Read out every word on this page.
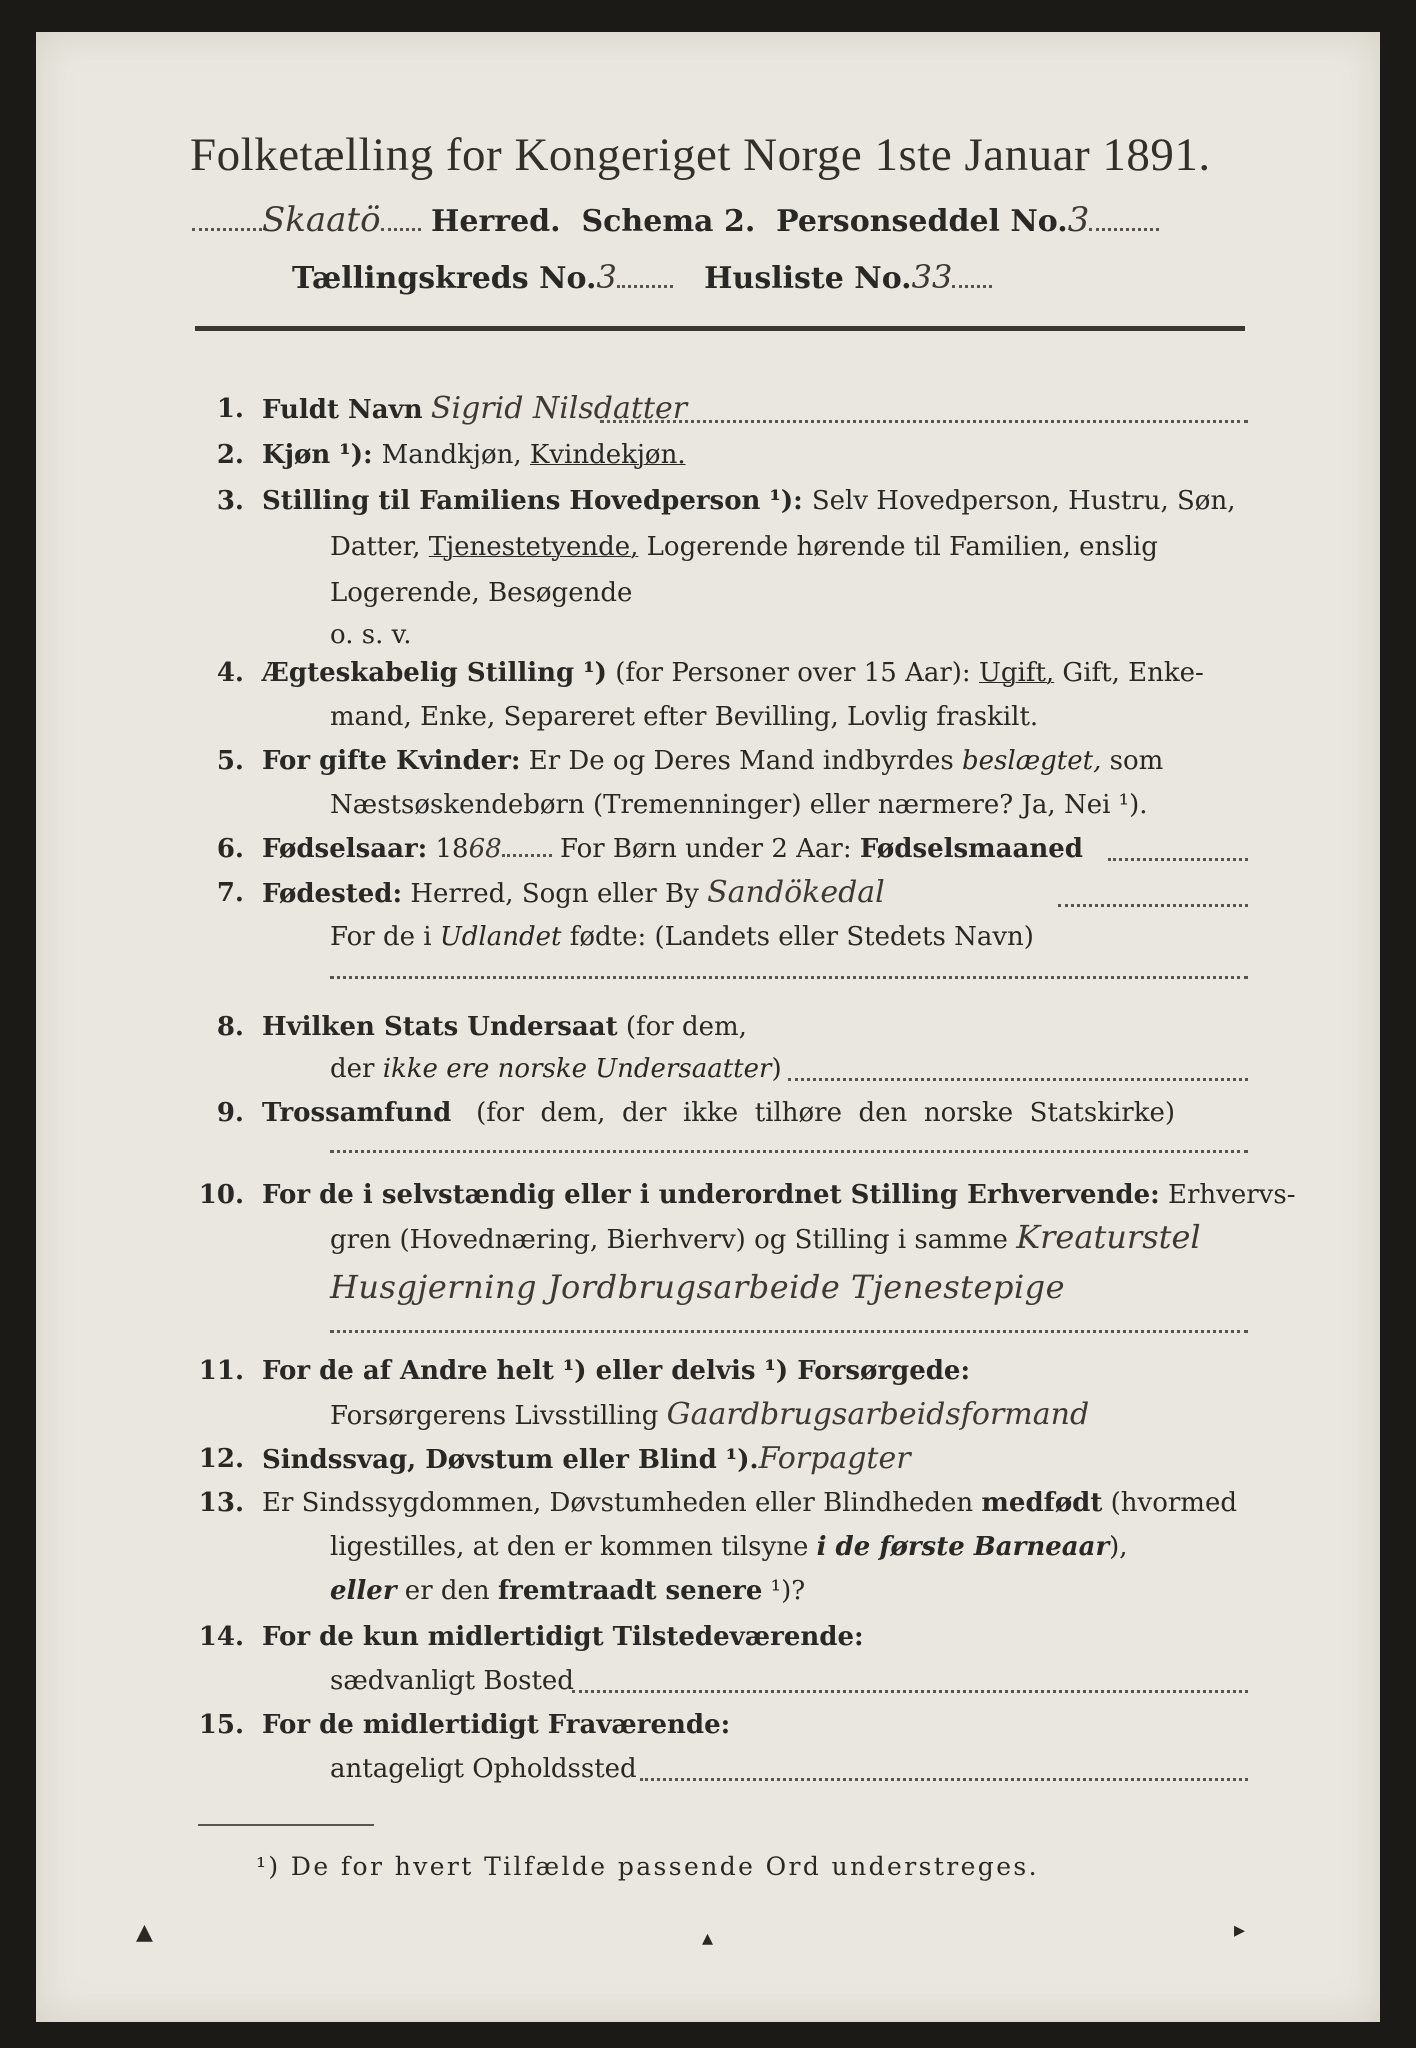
Folketælling for Kongeriget Norge 1ste Januar 1891.
Skaatö Herred. Schema 2. Personseddel No.3
Tællingskreds No.3	Husliste No.33
1. Fuldt Navn Sigrid Nilsdatter
2. Kjøn ¹): Mandkjøn, Kvindekjøn.
3. Stilling til Familiens Hovedperson ¹): Selv Hovedperson, Hustru, Søn,
Datter, Tjenestetyende, Logerende hørende til Familien, enslig
Logerende, Besøgende
o. s. v.
4. Ægteskabelig Stilling ¹) (for Personer over 15 Aar): Ugift, Gift, Enke-
mand, Enke, Separeret efter Bevilling, Lovlig fraskilt.
5. For gifte Kvinder: Er De og Deres Mand indbyrdes beslægtet, som
Næstsøskendebørn (Tremenninger) eller nærmere? Ja, Nei ¹).
6. Fødselsaar: 1868 For Børn under 2 Aar: Fødselsmaaned
7. Fødested: Herred, Sogn eller By Sandökedal
For de i Udlandet fødte: (Landets eller Stedets Navn)
8. Hvilken Stats Undersaat (for dem,
der ikke ere norske Undersaatter)
9. Trossamfund   (for  dem,  der  ikke  tilhøre  den  norske  Statskirke)
10. For de i selvstændig eller i underordnet Stilling Erhvervende: Erhvervs-
gren (Hovednæring, Bierhverv) og Stilling i samme Kreaturstel
Husgjerning Jordbrugsarbeide Tjenestepige
11. For de af Andre helt ¹) eller delvis ¹) Forsørgede:
Forsørgerens Livsstilling Gaardbrugsarbeidsformand
12. Sindssvag, Døvstum eller Blind ¹).Forpagter
13. Er Sindssygdommen, Døvstumheden eller Blindheden medfødt (hvormed
ligestilles, at den er kommen tilsyne i de første Barneaar),
eller er den fremtraadt senere ¹)?
14. For de kun midlertidigt Tilstedeværende:
sædvanligt Bosted
15. For de midlertidigt Fraværende:
antageligt Opholdssted
¹) De for hvert Tilfælde passende Ord understreges.
▲	▴	▸
